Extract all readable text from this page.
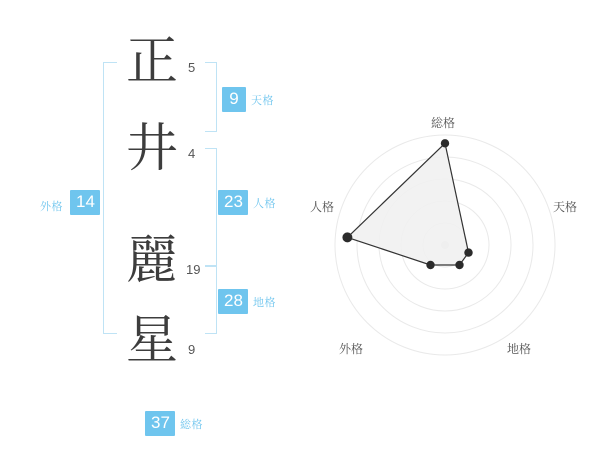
正 5
井 4
麗 19
星 9
9	天格
23 人格
28 地格
外格 14
37 総格
総格
天格
地格
外格
人格
